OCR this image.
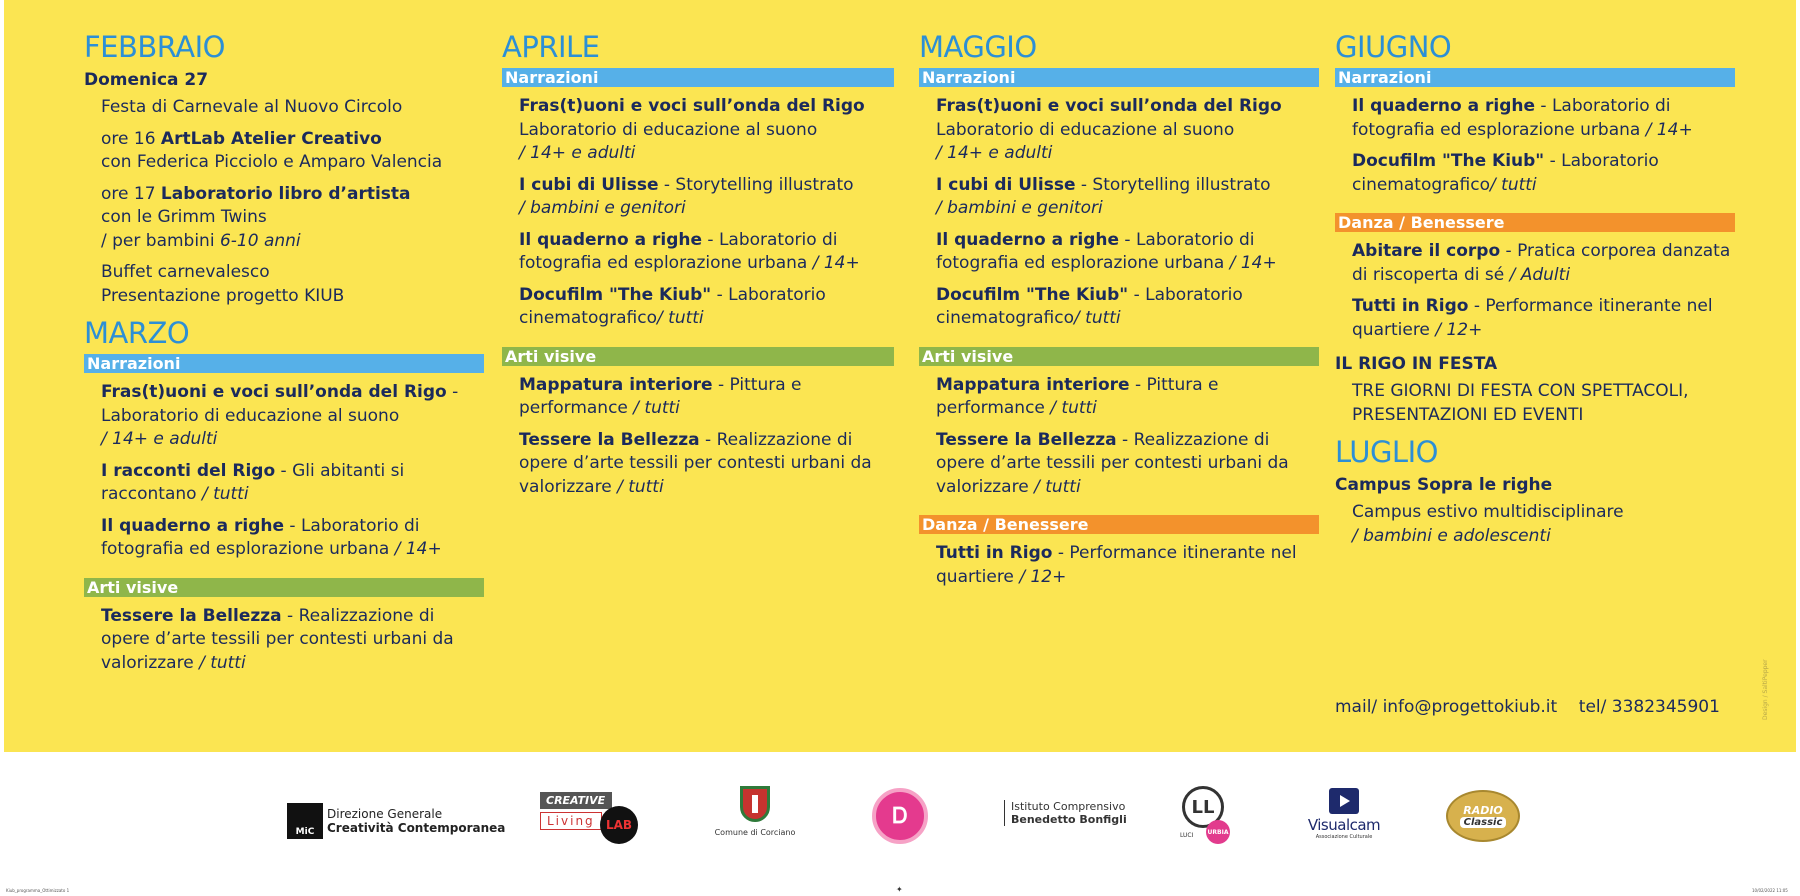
FEBBRAIO
Domenica 27
Festa di Carnevale al Nuovo Circolo
ore 16 ArtLab Atelier Creativo
con Federica Picciolo e Amparo Valencia
ore 17 Laboratorio libro d’artista
con le Grimm Twins
/ per bambini 6-10 anni
Buffet carnevalesco
Presentazione progetto KIUB
MARZO
Narrazioni
Fras(t)uoni e voci sull’onda del Rigo - Laboratorio di educazione al suono
/ 14+ e adulti
I racconti del Rigo - Gli abitanti si raccontano / tutti
Il quaderno a righe - Laboratorio di fotografia ed esplorazione urbana / 14+
Arti visive
Tessere la Bellezza - Realizzazione di opere d’arte tessili per contesti urbani da valorizzare / tutti
APRILE
Narrazioni
Fras(t)uoni e voci sull’onda del Rigo
Laboratorio di educazione al suono
/ 14+ e adulti
I cubi di Ulisse - Storytelling illustrato
/ bambini e genitori
Il quaderno a righe - Laboratorio di fotografia ed esplorazione urbana / 14+
Docufilm "The Kiub" - Laboratorio cinematografico/ tutti
Arti visive
Mappatura interiore - Pittura e performance / tutti
Tessere la Bellezza - Realizzazione di opere d’arte tessili per contesti urbani da valorizzare / tutti
MAGGIO
Narrazioni
Fras(t)uoni e voci sull’onda del Rigo
Laboratorio di educazione al suono
/ 14+ e adulti
I cubi di Ulisse - Storytelling illustrato
/ bambini e genitori
Il quaderno a righe - Laboratorio di fotografia ed esplorazione urbana / 14+
Docufilm "The Kiub" - Laboratorio cinematografico/ tutti
Arti visive
Mappatura interiore - Pittura e performance / tutti
Tessere la Bellezza - Realizzazione di opere d’arte tessili per contesti urbani da valorizzare / tutti
Danza / Benessere
Tutti in Rigo - Performance itinerante nel quartiere / 12+
GIUGNO
Narrazioni
Il quaderno a righe - Laboratorio di fotografia ed esplorazione urbana / 14+
Docufilm "The Kiub" - Laboratorio cinematografico/ tutti
Danza / Benessere
Abitare il corpo - Pratica corporea danzata di riscoperta di sé / Adulti
Tutti in Rigo - Performance itinerante nel quartiere / 12+
IL RIGO IN FESTA
TRE GIORNI DI FESTA CON SPETTACOLI, PRESENTAZIONI ED EVENTI
LUGLIO
Campus Sopra le righe
Campus estivo multidisciplinare
/ bambini e adolescenti
mail/ info@progettokiub.it tel/ 3382345901	Design / SaltiPepper
MiC
Direzione Generale
Creatività Contemporanea
CREATIVE
Living LAB
Comune di Corciano
Ꭰ	Istituto Comprensivo
Benedetto Bonfigli
LL
URBIA
LUCI
Visualcam
Associazione Culturale
RADIO
Classic
Kiub_programma_Ottimizzato 1	✦	10/02/2022 11:05
